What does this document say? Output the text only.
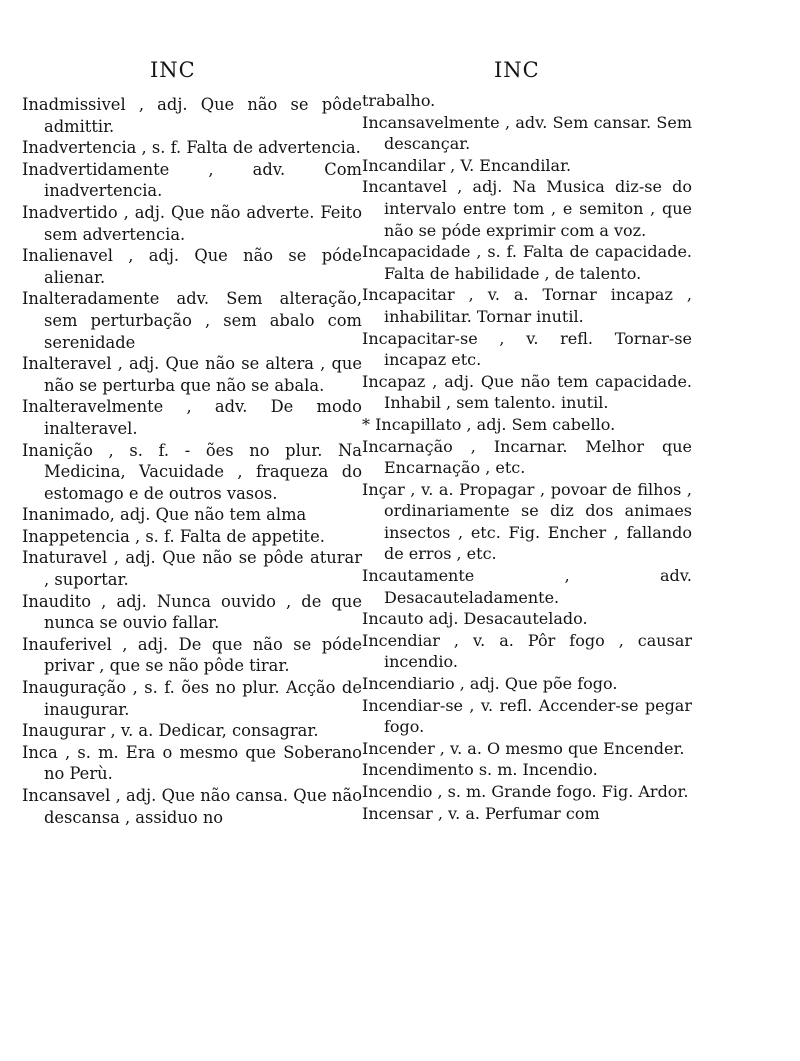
INC
Inadmissivel , adj. Que não se pôde admittir.
Inadvertencia , s. f. Falta de advertencia.
Inadvertidamente , adv. Com inadvertencia.
Inadvertido , adj. Que não adverte. Feito sem advertencia.
Inalienavel , adj. Que não se póde alienar.
Inalteradamente adv. Sem alteração, sem perturbação , sem abalo com serenidade
Inalteravel , adj. Que não se altera , que não se perturba que não se abala.
Inalteravelmente , adv. De modo inalteravel.
Inanição , s. f. - ões no plur. Na Medicina, Vacuidade , fraqueza do estomago e de outros vasos.
Inanimado, adj. Que não tem alma
Inappetencia , s. f. Falta de appetite.
Inaturavel , adj. Que não se pôde aturar , suportar.
Inaudito , adj. Nunca ouvido , de que nunca se ouvio fallar.
Inauferivel , adj. De que não se póde privar , que se não pôde tirar.
Inauguração , s. f. ões no plur. Acção de inaugurar.
Inaugurar , v. a. Dedicar, consagrar.
Inca , s. m. Era o mesmo que Soberano no Perù.
Incansavel , adj. Que não cansa. Que não descansa , assiduo no
INC
trabalho.
Incansavelmente , adv. Sem cansar. Sem descançar.
Incandilar , V. Encandilar.
Incantavel , adj. Na Musica diz-se do intervalo entre tom , e semiton , que não se póde exprimir com a voz.
Incapacidade , s. f. Falta de capacidade. Falta de habilidade , de talento.
Incapacitar , v. a. Tornar incapaz , inhabilitar. Tornar inutil.
Incapacitar-se , v. refl. Tornar-se incapaz etc.
Incapaz , adj. Que não tem capacidade. Inhabil , sem talento. inutil.
* Incapillato , adj. Sem cabello.
Incarnação , Incarnar. Melhor que Encarnação , etc.
Inçar , v. a. Propagar , povoar de filhos , ordinariamente se diz dos animaes insectos , etc. Fig. Encher , fallando de erros , etc.
Incautamente , adv. Desacauteladamente.
Incauto adj. Desacautelado.
Incendiar , v. a. Pôr fogo , causar incendio.
Incendiario , adj. Que põe fogo.
Incendiar-se , v. refl. Accender-se pegar fogo.
Incender , v. a. O mesmo que Encender.
Incendimento s. m. Incendio.
Incendio , s. m. Grande fogo. Fig. Ardor.
Incensar , v. a. Perfumar com
